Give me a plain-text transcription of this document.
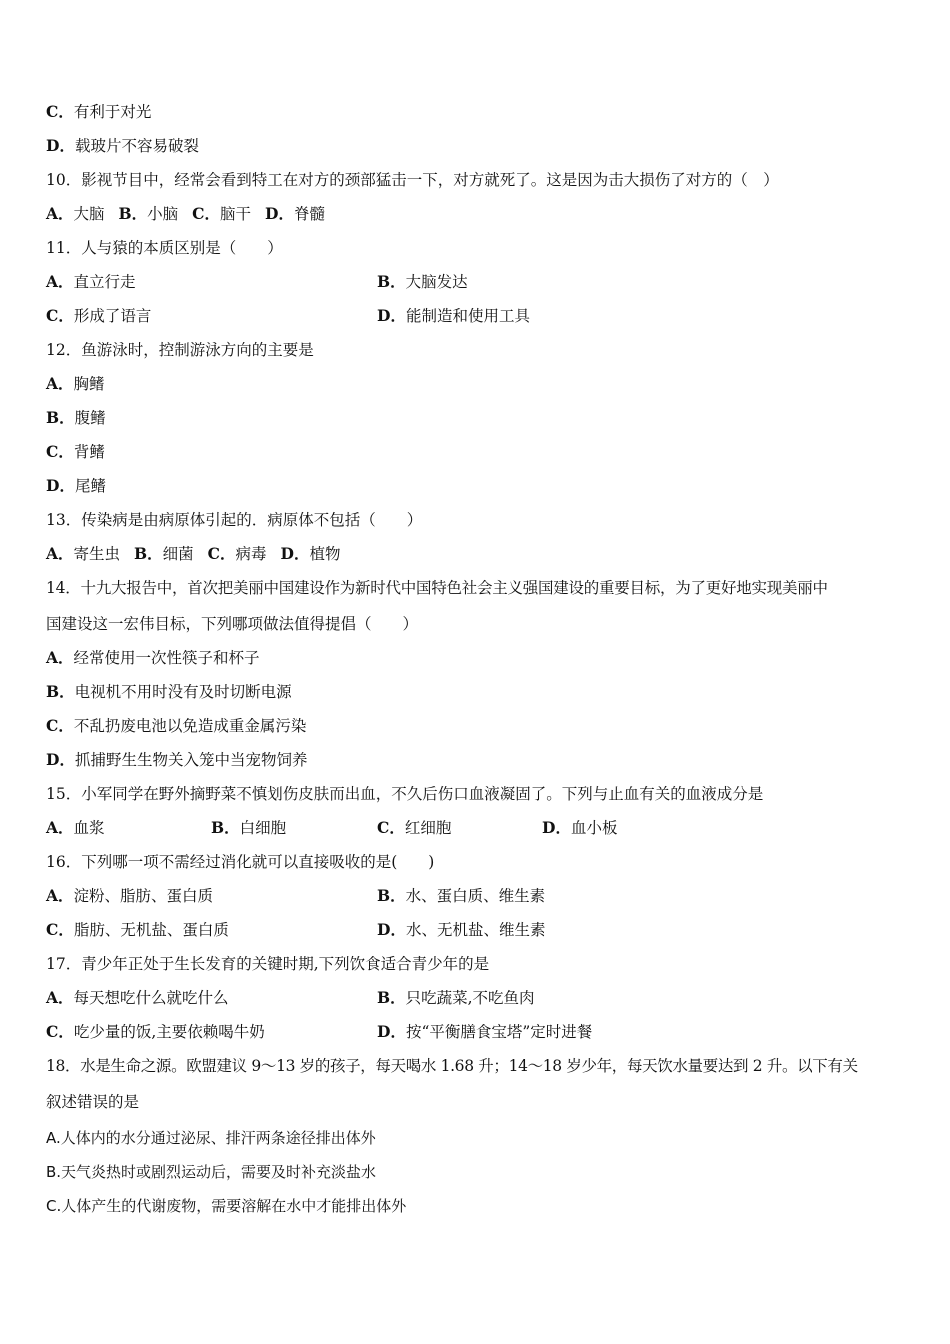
C．有利于对光
D．载玻片不容易破裂
10．影视节目中，经常会看到特工在对方的颈部猛击一下，对方就死了。这是因为击大损伤了对方的（　）
A．大脑 B．小脑 C．脑干 D．脊髓
11．人与猿的本质区别是（　　）
A．直立行走	B．大脑发达
C．形成了语言	D．能制造和使用工具
12．鱼游泳时，控制游泳方向的主要是
A．胸鳍
B．腹鳍
C．背鳍
D．尾鳍
13．传染病是由病原体引起的．病原体不包括（　　）
A．寄生虫 B．细菌 C．病毒 D．植物
14．十九大报告中，首次把美丽中国建设作为新时代中国特色社会主义强国建设的重要目标，为了更好地实现美丽中
国建设这一宏伟目标，下列哪项做法值得提倡（　　）
A．经常使用一次性筷子和杯子
B．电视机不用时没有及时切断电源
C．不乱扔废电池以免造成重金属污染
D．抓捕野生生物关入笼中当宠物饲养
15．小军同学在野外摘野菜不慎划伤皮肤而出血，不久后伤口血液凝固了。下列与止血有关的血液成分是
A．血浆	B．白细胞	C．红细胞	D．血小板
16．下列哪一项不需经过消化就可以直接吸收的是(　　)
A．淀粉、脂肪、蛋白质	B．水、蛋白质、维生素
C．脂肪、无机盐、蛋白质	D．水、无机盐、维生素
17．青少年正处于生长发育的关键时期,下列饮食适合青少年的是
A．每天想吃什么就吃什么	B．只吃蔬菜,不吃鱼肉
C．吃少量的饭,主要依赖喝牛奶	D．按“平衡膳食宝塔”定时进餐
18．水是生命之源。欧盟建议 9～13 岁的孩子，每天喝水 1.68 升；14～18 岁少年，每天饮水量要达到 2 升。以下有关
叙述错误的是
A.人体内的水分通过泌尿、排汗两条途径排出体外
B.天气炎热时或剧烈运动后，需要及时补充淡盐水
C.人体产生的代谢废物，需要溶解在水中才能排出体外
